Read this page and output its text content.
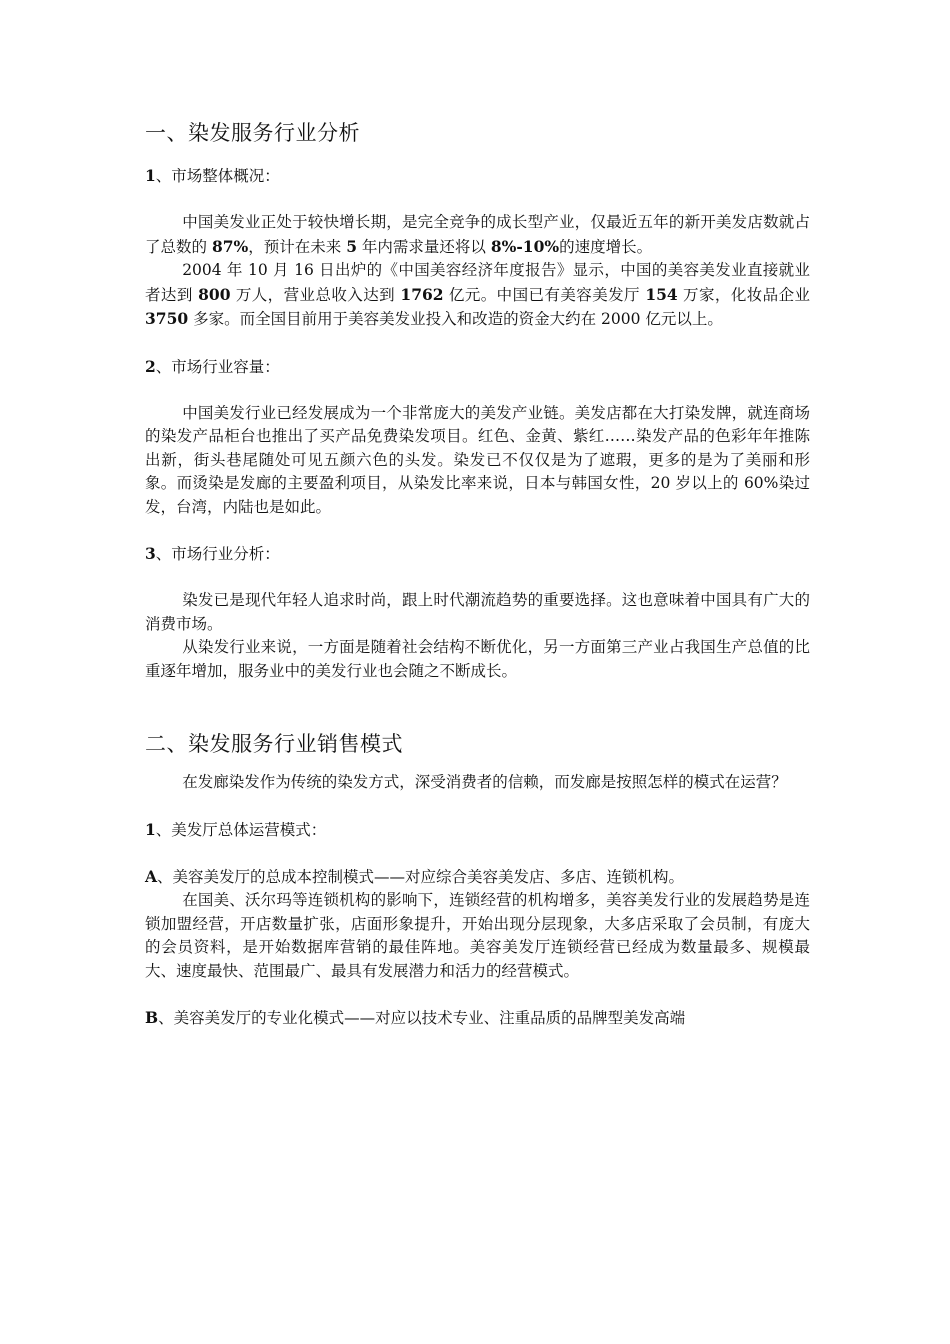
一、染发服务行业分析
1、市场整体概况：

中国美发业正处于较快增长期，是完全竞争的成长型产业，仅最近五年的新开美发店数就占了总数的 87%，预计在未来 5 年内需求量还将以 8%-10%的速度增长。

2004 年 10 月 16 日出炉的《中国美容经济年度报告》显示，中国的美容美发业直接就业者达到 800 万人，营业总收入达到 1762 亿元。中国已有美容美发厅 154 万家，化妆品企业 3750 多家。而全国目前用于美容美发业投入和改造的资金大约在 2000 亿元以上。

2、市场行业容量：

中国美发行业已经发展成为一个非常庞大的美发产业链。美发店都在大打染发牌，就连商场的染发产品柜台也推出了买产品免费染发项目。红色、金黄、紫红……染发产品的色彩年年推陈出新，街头巷尾随处可见五颜六色的头发。染发已不仅仅是为了遮瑕，更多的是为了美丽和形象。而烫染是发廊的主要盈利项目，从染发比率来说，日本与韩国女性，20 岁以上的 60%染过发，台湾，内陆也是如此。

3、市场行业分析：

染发已是现代年轻人追求时尚，跟上时代潮流趋势的重要选择。这也意味着中国具有广大的消费市场。

从染发行业来说，一方面是随着社会结构不断优化，另一方面第三产业占我国生产总值的比重逐年增加，服务业中的美发行业也会随之不断成长。

二、染发服务行业销售模式

在发廊染发作为传统的染发方式，深受消费者的信赖，而发廊是按照怎样的模式在运营？

1、美发厅总体运营模式：
A、美容美发厅的总成本控制模式——对应综合美容美发店、多店、连锁机构。

在国美、沃尔玛等连锁机构的影响下，连锁经营的机构增多，美容美发行业的发展趋势是连锁加盟经营，开店数量扩张，店面形象提升，开始出现分层现象，大多店采取了会员制，有庞大的会员资料，是开始数据库营销的最佳阵地。美容美发厅连锁经营已经成为数量最多、规模最大、速度最快、范围最广、最具有发展潜力和活力的经营模式。

B、美容美发厅的专业化模式——对应以技术专业、注重品质的品牌型美发高端
